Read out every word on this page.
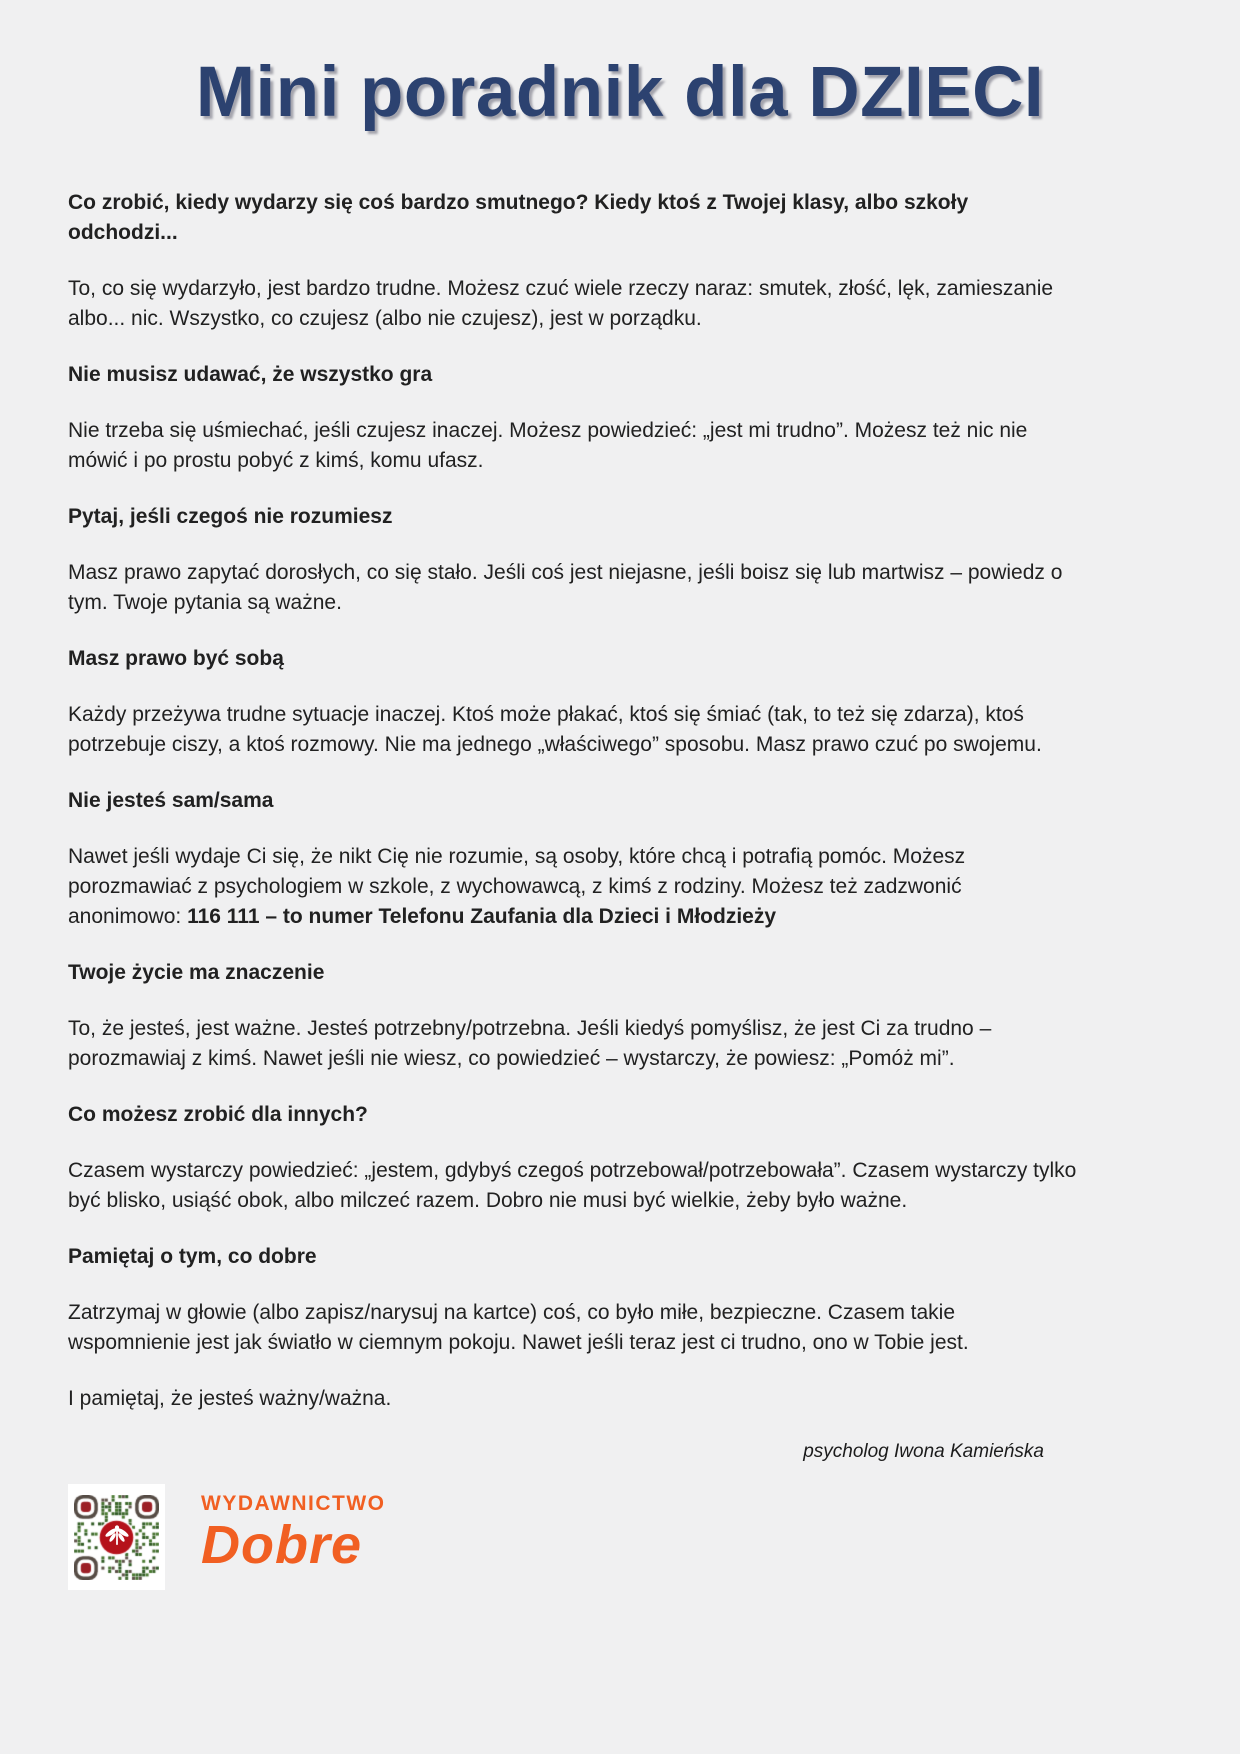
Mini poradnik dla DZIECI

Co zrobić, kiedy wydarzy się coś bardzo smutnego? Kiedy ktoś z Twojej klasy, albo szkoły odchodzi...

To, co się wydarzyło, jest bardzo trudne. Możesz czuć wiele rzeczy naraz: smutek, złość, lęk, zamieszanie albo... nic. Wszystko, co czujesz (albo nie czujesz), jest w porządku.

Nie musisz udawać, że wszystko gra

Nie trzeba się uśmiechać, jeśli czujesz inaczej. Możesz powiedzieć: „jest mi trudno”. Możesz też nic nie mówić i po prostu pobyć z kimś, komu ufasz.

Pytaj, jeśli czegoś nie rozumiesz

Masz prawo zapytać dorosłych, co się stało. Jeśli coś jest niejasne, jeśli boisz się lub martwisz – powiedz o tym. Twoje pytania są ważne.

Masz prawo być sobą

Każdy przeżywa trudne sytuacje inaczej. Ktoś może płakać, ktoś się śmiać (tak, to też się zdarza), ktoś potrzebuje ciszy, a ktoś rozmowy. Nie ma jednego „właściwego” sposobu. Masz prawo czuć po swojemu.

Nie jesteś sam/sama

Nawet jeśli wydaje Ci się, że nikt Cię nie rozumie, są osoby, które chcą i potrafią pomóc. Możesz porozmawiać z psychologiem w szkole, z wychowawcą, z kimś z rodziny. Możesz też zadzwonić anonimowo: 116 111 – to numer Telefonu Zaufania dla Dzieci i Młodzieży

Twoje życie ma znaczenie

To, że jesteś, jest ważne. Jesteś potrzebny/potrzebna. Jeśli kiedyś pomyślisz, że jest Ci za trudno – porozmawiaj z kimś. Nawet jeśli nie wiesz, co powiedzieć – wystarczy, że powiesz: „Pomóż mi”.

Co możesz zrobić dla innych?

Czasem wystarczy powiedzieć: „jestem, gdybyś czegoś potrzebował/potrzebowała”. Czasem wystarczy tylko być blisko, usiąść obok, albo milczeć razem. Dobro nie musi być wielkie, żeby było ważne.

Pamiętaj o tym, co dobre

Zatrzymaj w głowie (albo zapisz/narysuj na kartce) coś, co było miłe, bezpieczne. Czasem takie wspomnienie jest jak światło w ciemnym pokoju. Nawet jeśli teraz jest ci trudno, ono w Tobie jest.

I pamiętaj, że jesteś ważny/ważna.

psycholog Iwona Kamieńska

WYDAWNICTWO
Dobre
